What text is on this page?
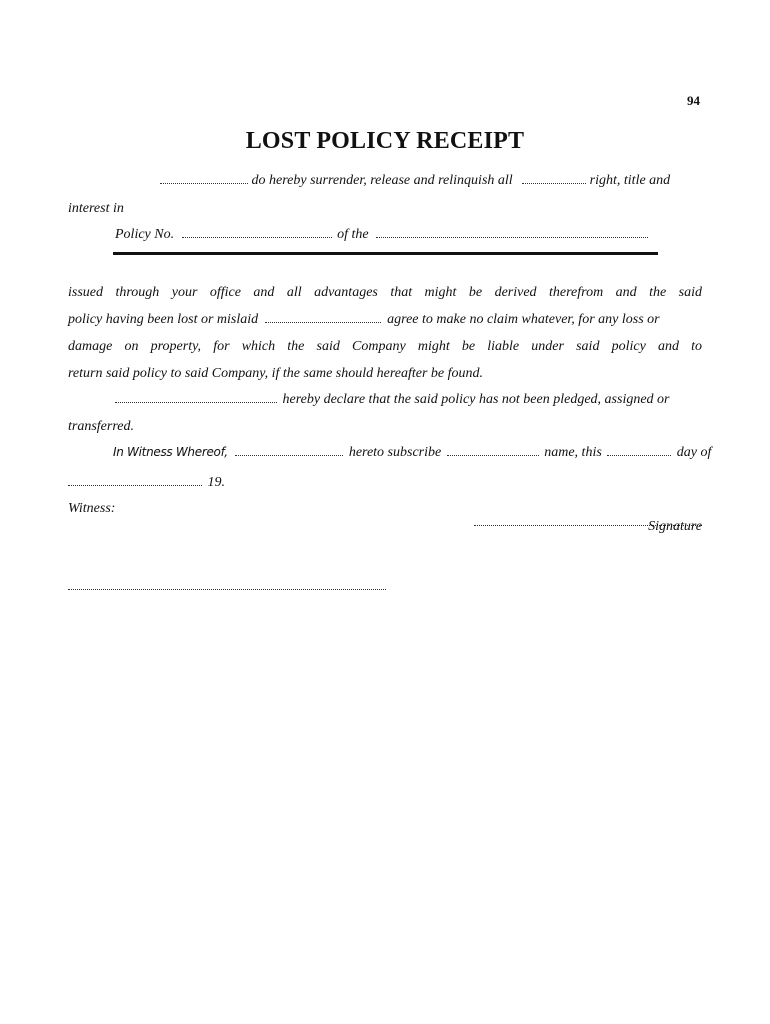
94
LOST POLICY RECEIPT
do hereby surrender, release and relinquish all	right, title and
interest in
Policy No.	of the
issued through your office and all advantages that might be derived therefrom and the said
policy having been lost or mislaid	agree to make no claim whatever, for any loss or
damage on property, for which the said Company might be liable under said policy and to
return said policy to said Company, if the same should hereafter be found.
hereby declare that the said policy has not been pledged, assigned or
transferred.
In Witness Whereof,	hereto subscribe	name, this	day of
19.
Witness:
Signature
